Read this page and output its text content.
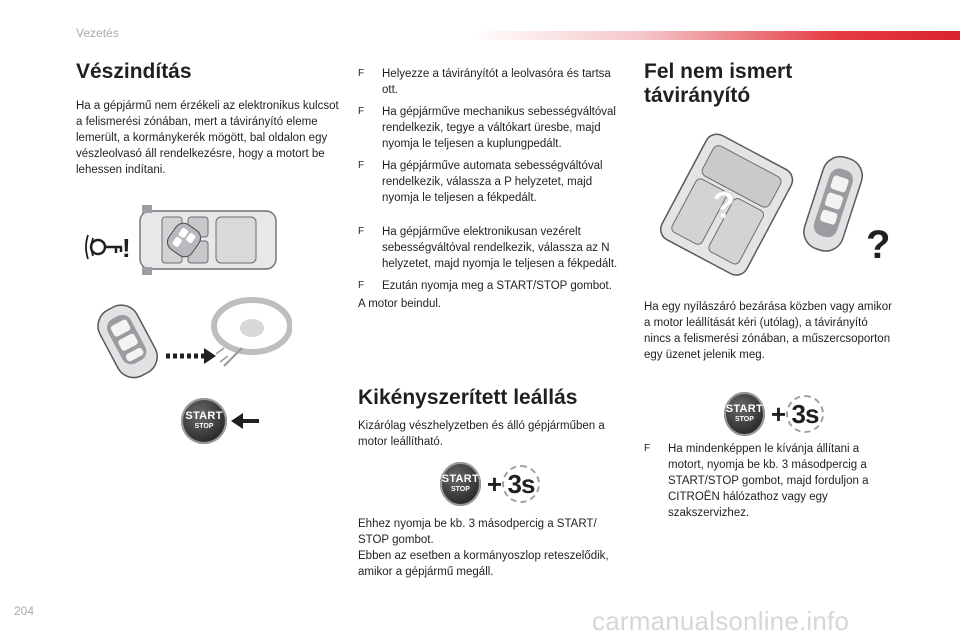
Vezetés
Vészindítás

Ha a gépjármű nem érzékeli az elektronikus kulcsot a felismerési zónában, mert a távirányító eleme lemerült, a kormánykerék mögött, bal oldalon egy vészleolvasó áll rendelkezésre, hogy a motort be lehessen indítani.

!
START
STOP
F Helyezze a távirányítót a leolvasóra és tartsa ott.
F Ha gépjárműve mechanikus sebességváltóval rendelkezik, tegye a váltókart üresbe, majd nyomja le teljesen a kuplungpedált.
F Ha gépjárműve automata sebességváltóval rendelkezik, válassza a P helyzetet, majd nyomja le teljesen a fékpedált.
F Ha gépjárműve elektronikusan vezérelt sebességváltóval rendelkezik, válassza az N helyzetet, majd nyomja le teljesen a fékpedált.
F Ezután nyomja meg a START/STOP gombot.
A motor beindul.
Kikényszerített leállás

Kizárólag vészhelyzetben és álló gépjárműben a motor leállítható.

START
STOP + 3s

Ehhez nyomja be kb. 3 másodpercig a START/ STOP gombot.

Ebben az esetben a kormányoszlop reteszelődik, amikor a gépjármű megáll.

Fel nem ismert távirányító
?
?

Ha egy nyílászáró bezárása közben vagy amikor a motor leállítását kéri (utólag), a távirányító nincs a felismerési zónában, a műszercsoporton egy üzenet jelenik meg.

START
STOP + 3s
F Ha mindenképpen le kívánja állítani a motort, nyomja be kb. 3 másodpercig a START/STOP gombot, majd forduljon a CITROËN hálózathoz vagy egy szakszervizhez.
204	carmanualsonline.info
